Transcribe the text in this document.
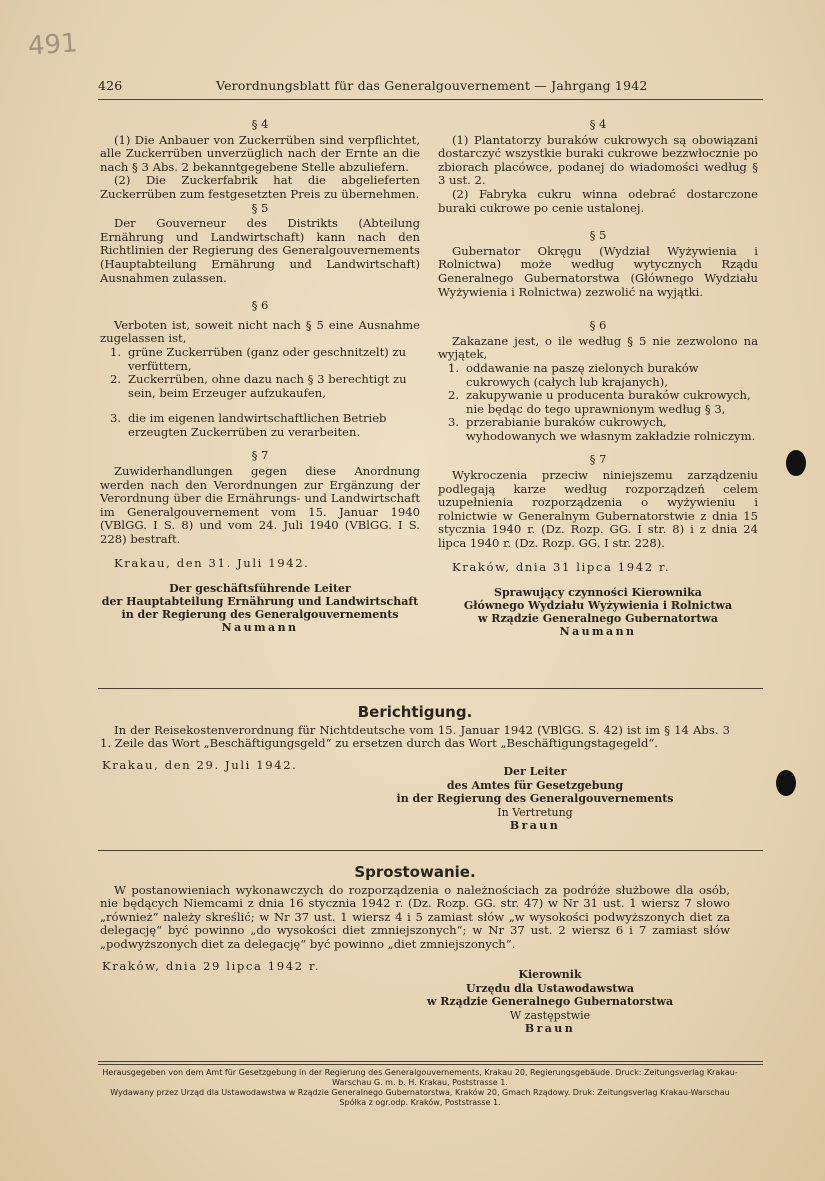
491
426	Verordnungsblatt für das Generalgouvernement — Jahrgang 1942
§ 4

(1) Die Anbauer von Zuckerrüben sind verpflichtet, alle Zuckerrüben unverzüglich nach der Ernte an die nach § 3 Abs. 2 bekanntgegebene Stelle abzuliefern.

(2) Die Zuckerfabrik hat die abgelieferten Zuckerrüben zum festgesetzten Preis zu übernehmen.

§ 5

Der Gouverneur des Distrikts (Abteilung Ernährung und Landwirtschaft) kann nach den Richtlinien der Regierung des Generalgouvernements (Hauptabteilung Ernährung und Landwirtschaft) Ausnahmen zulassen.

§ 6

Verboten ist, soweit nicht nach § 5 eine Ausnahme zugelassen ist,

1. grüne Zuckerrüben (ganz oder geschnitzelt) zu verfüttern,
2. Zuckerrüben, ohne dazu nach § 3 berechtigt zu sein, beim Erzeuger aufzukaufen,
3. die im eigenen landwirtschaftlichen Betrieb erzeugten Zuckerrüben zu verarbeiten.
§ 7

Zuwiderhandlungen gegen diese Anordnung werden nach den Verordnungen zur Ergänzung der Verordnung über die Ernährungs- und Landwirtschaft im Generalgouvernement vom 15. Januar 1940 (VBlGG. I S. 8) und vom 24. Juli 1940 (VBlGG. I S. 228) bestraft.

Krakau, den 31. Juli 1942.

Der geschäftsführende Leiter
der Hauptabteilung Ernährung und Landwirtschaft
in der Regierung des Generalgouvernements
Naumann
§ 4

(1) Plantatorzy buraków cukrowych są obowiązani dostarczyć wszystkie buraki cukrowe bezzwłocznie po zbiorach placówce, podanej do wiadomości według § 3 ust. 2.

(2) Fabryka cukru winna odebrać dostarczone buraki cukrowe po cenie ustalonej.

§ 5

Gubernator Okręgu (Wydział Wyżywienia i Rolnictwa) może według wytycznych Rządu Generalnego Gubernatorstwa (Głównego Wydziału Wyżywienia i Rolnictwa) zezwolić na wyjątki.

§ 6

Zakazane jest, o ile według § 5 nie zezwolono na wyjątek,

1. oddawanie na paszę zielonych buraków cukrowych (całych lub krajanych),
2. zakupywanie u producenta buraków cukrowych, nie będąc do tego uprawnionym według § 3,
3. przerabianie buraków cukrowych, wyhodowanych we własnym zakładzie rolniczym.
§ 7

Wykroczenia przeciw niniejszemu zarządzeniu podlegają karze według rozporządzeń celem uzupełnienia rozporządzenia o wyżywieniu i rolnictwie w Generalnym Gubernatorstwie z dnia 15 stycznia 1940 r. (Dz. Rozp. GG. I str. 8) i z dnia 24 lipca 1940 r. (Dz. Rozp. GG. I str. 228).

Kraków, dnia 31 lipca 1942 r.

Sprawujący czynności Kierownika
Głównego Wydziału Wyżywienia i Rolnictwa
w Rządzie Generalnego Gubernatortwa
Naumann
Berichtigung.

In der Reisekostenverordnung für Nichtdeutsche vom 15. Januar 1942 (VBlGG. S. 42) ist im § 14 Abs. 3 1. Zeile das Wort „Beschäftigungsgeld“ zu ersetzen durch das Wort „Beschäftigungstagegeld“.

Krakau, den 29. Juli 1942.	Der Leiter
des Amtes für Gesetzgebung
in der Regierung des Generalgouvernements
In Vertretung
Braun
Sprostowanie.

W postanowieniach wykonawczych do rozporządzenia o należnościach za podróże służbowe dla osób, nie będących Niemcami z dnia 16 stycznia 1942 r. (Dz. Rozp. GG. str. 47) w Nr 31 ust. 1 wiersz 7 słowo „również“ należy skreślić; w Nr 37 ust. 1 wiersz 4 i 5 zamiast słów „w wysokości podwyższonych diet za delegację“ być powinno „do wysokości diet zmniejszonych“; w Nr 37 ust. 2 wiersz 6 i 7 zamiast słów „podwyższonych diet za delegację“ być powinno „diet zmniejszonych“.

Kraków, dnia 29 lipca 1942 r.

Kierownik
Urzędu dla Ustawodawstwa
w Rządzie Generalnego Gubernatorstwa
W zastępstwie
Braun
Herausgegeben von dem Amt für Gesetzgebung in der Regierung des Generalgouvernements, Krakau 20, Regierungsgebäude. Druck: Zeitungsverlag Krakau-Warschau G. m. b. H. Krakau, Poststrasse 1.
Wydawany przez Urząd dla Ustawodawstwa w Rządzie Generalnego Gubernatorstwa, Kraków 20, Gmach Rządowy. Druk: Zeitungsverlag Krakau-Warschau Spółka z ogr.odp. Kraków, Poststrasse 1.
